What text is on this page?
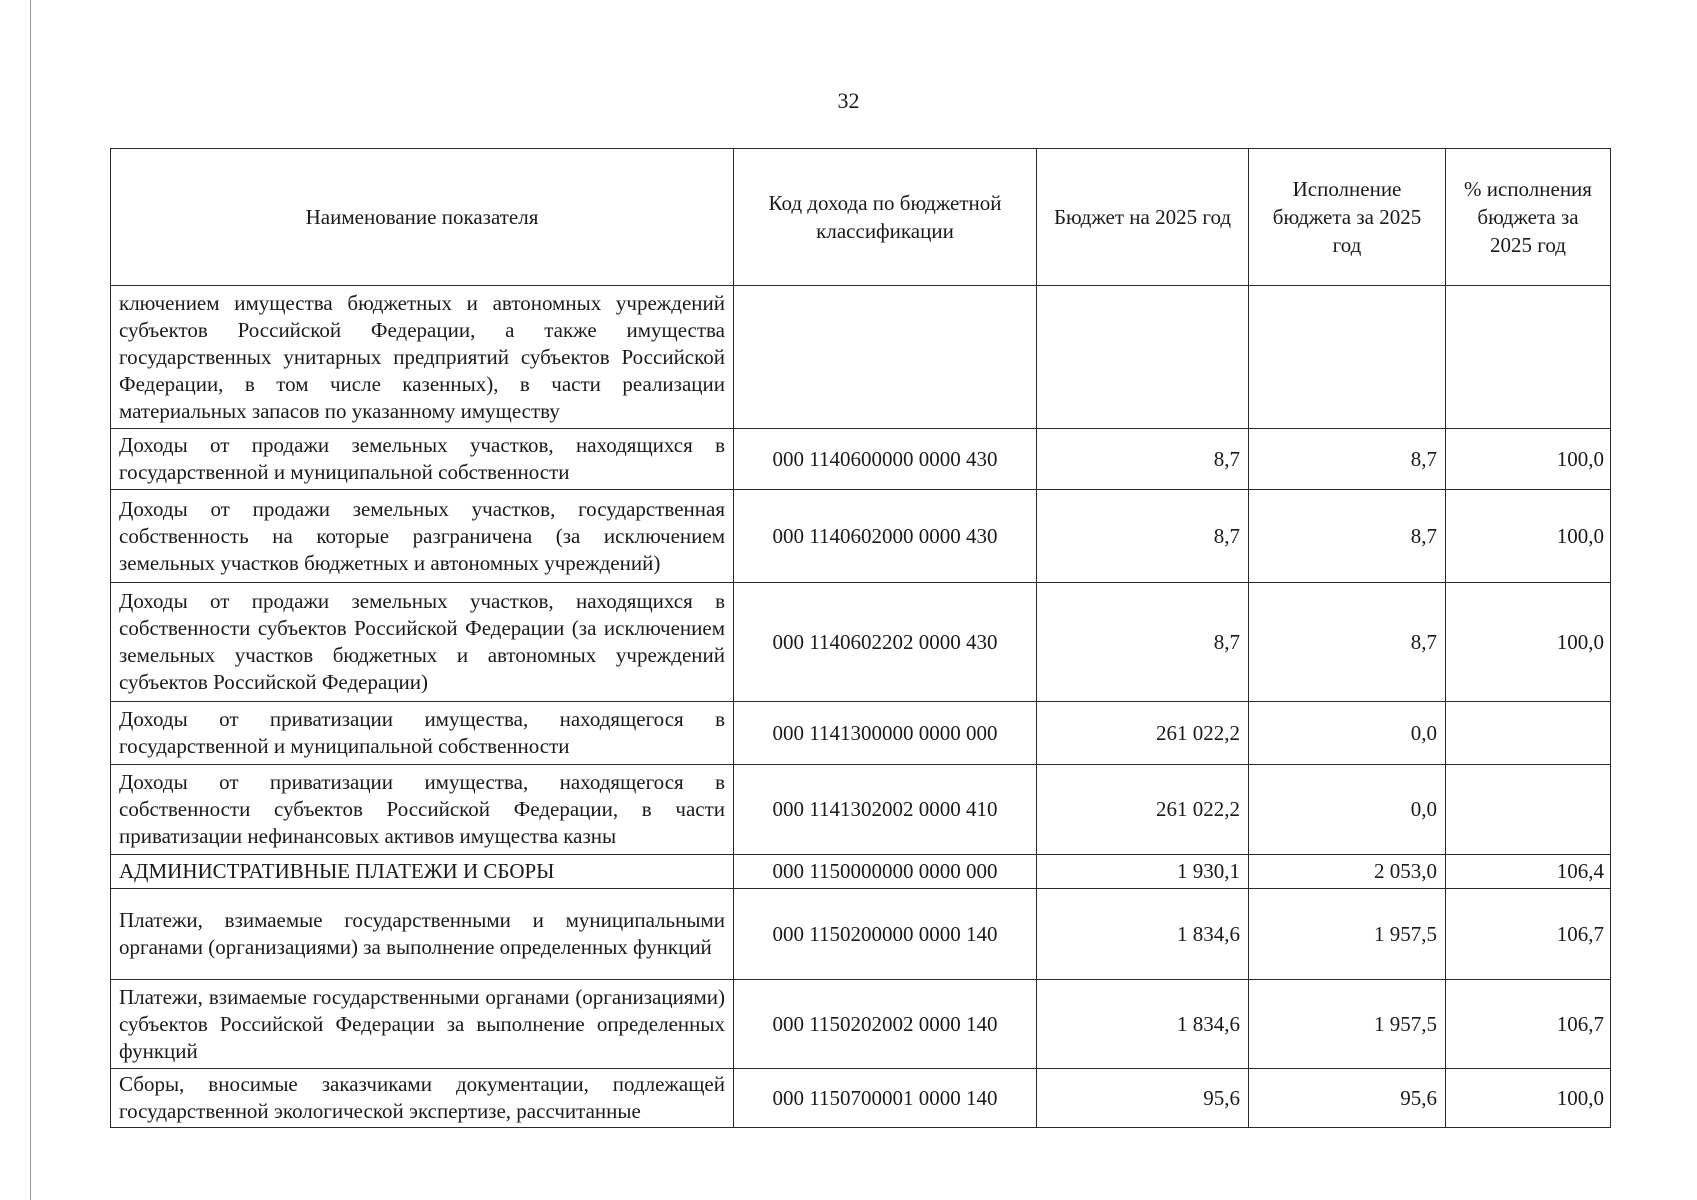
32
Наименование показателя	Код дохода по бюджетной классификации	Бюджет на 2025 год	Исполнение бюджета за 2025 год	% исполнения бюджета за 2025 год
ключением имущества бюджетных и автономных учреждений субъектов Российской Федерации, а также имущества государственных унитарных предприятий субъектов Российской Федерации, в том числе казенных), в части реализации материальных запасов по указанному имуществу				
Доходы от продажи земельных участков, находящихся в государственной и муниципальной собственности	000 1140600000 0000 430	8,7	8,7	100,0
Доходы от продажи земельных участков, государственная собственность на которые разграничена (за исключением земельных участков бюджетных и автономных учреждений)	000 1140602000 0000 430	8,7	8,7	100,0
Доходы от продажи земельных участков, находящихся в собственности субъектов Российской Федерации (за исключением земельных участков бюджетных и автономных учреждений субъектов Российской Федерации)	000 1140602202 0000 430	8,7	8,7	100,0
Доходы от приватизации имущества, находящегося в государственной и муниципальной собственности	000 1141300000 0000 000	261 022,2	0,0	
Доходы от приватизации имущества, находящегося в собственности субъектов Российской Федерации, в части приватизации нефинансовых активов имущества казны	000 1141302002 0000 410	261 022,2	0,0	
АДМИНИСТРАТИВНЫЕ ПЛАТЕЖИ И СБОРЫ	000 1150000000 0000 000	1 930,1	2 053,0	106,4
Платежи, взимаемые государственными и муниципальными органами (организациями) за выполнение определенных функций	000 1150200000 0000 140	1 834,6	1 957,5	106,7
Платежи, взимаемые государственными органами (организациями) субъектов Российской Федерации за выполнение определенных функций	000 1150202002 0000 140	1 834,6	1 957,5	106,7
Сборы, вносимые заказчиками документации, подлежащей государственной экологической экспертизе, рассчитанные	000 1150700001 0000 140	95,6	95,6	100,0
